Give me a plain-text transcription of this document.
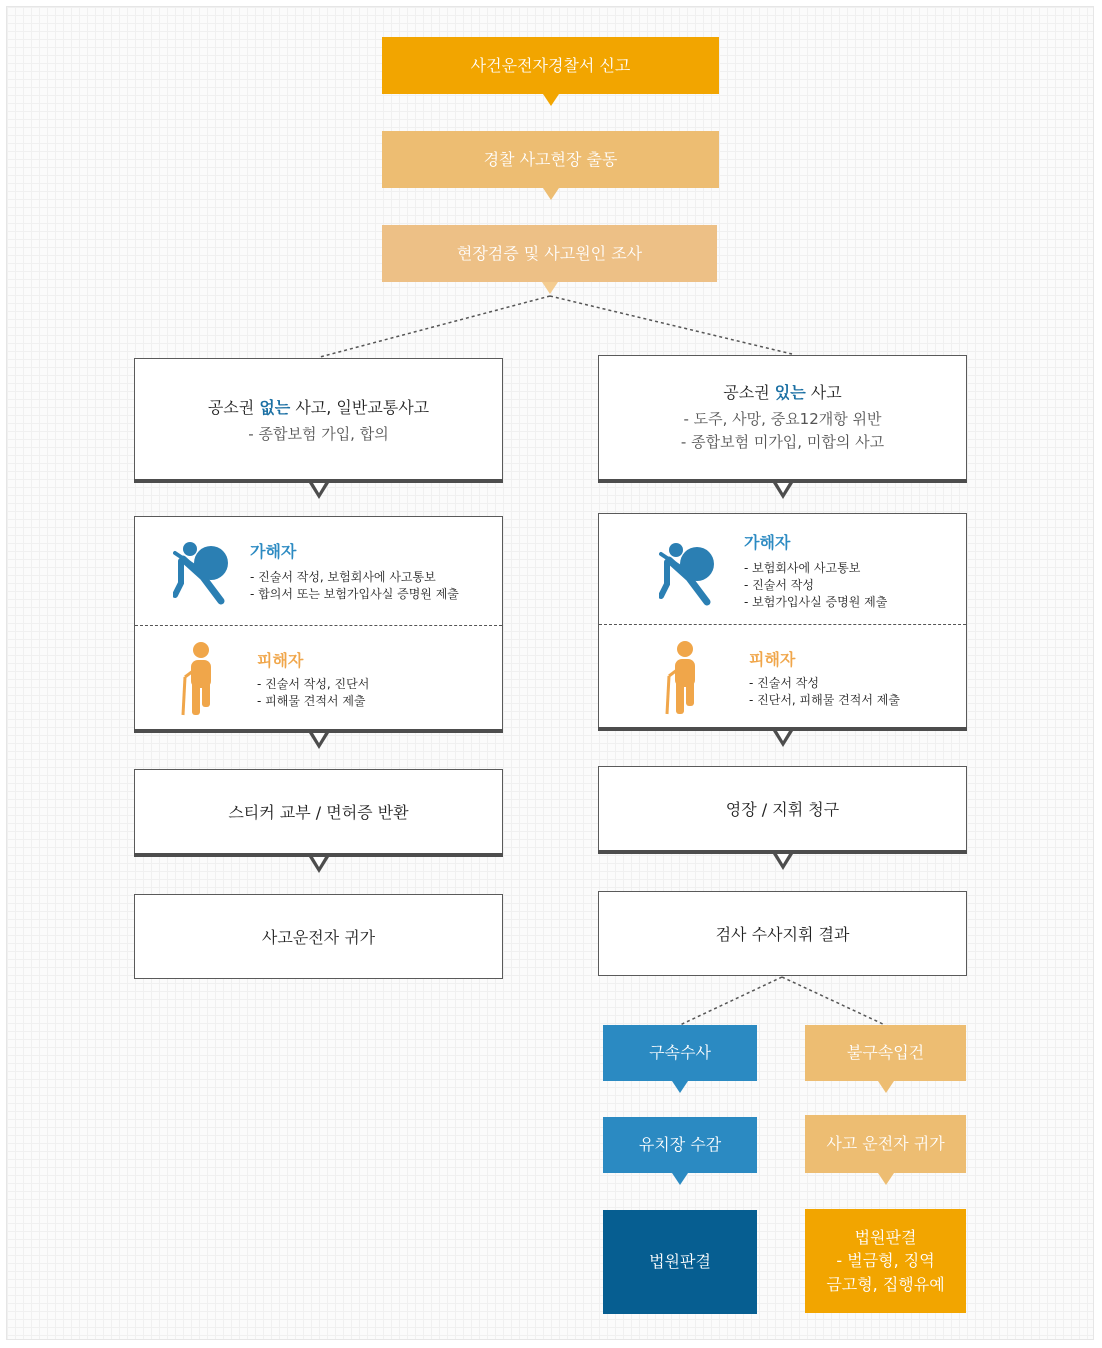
사건운전자경찰서 신고
경찰 사고현장 출동
현장검증 및 사고원인 조사
공소권 없는 사고, 일반교통사고
- 종합보험 가입, 합의
가해자
- 진술서 작성, 보험회사에 사고통보
- 합의서 또는 보험가입사실 증명원 제출
피해자
- 진술서 작성, 진단서
- 피해물 견적서 제출
스티커 교부 / 면허증 반환
사고운전자 귀가
공소권 있는 사고
- 도주, 사망, 중요12개항 위반
- 종합보험 미가입, 미합의 사고
가해자
- 보험회사에 사고통보
- 진술서 작성
- 보험가입사실 증명원 제출
피해자
- 진술서 작성
- 진단서, 피해물 견적서 제출
영장 / 지휘 청구
검사 수사지휘 결과
구속수사
유치장 수감
법원판결
불구속입건
사고 운전자 귀가
법원판결
- 벌금형, 징역
금고형, 집행유예
